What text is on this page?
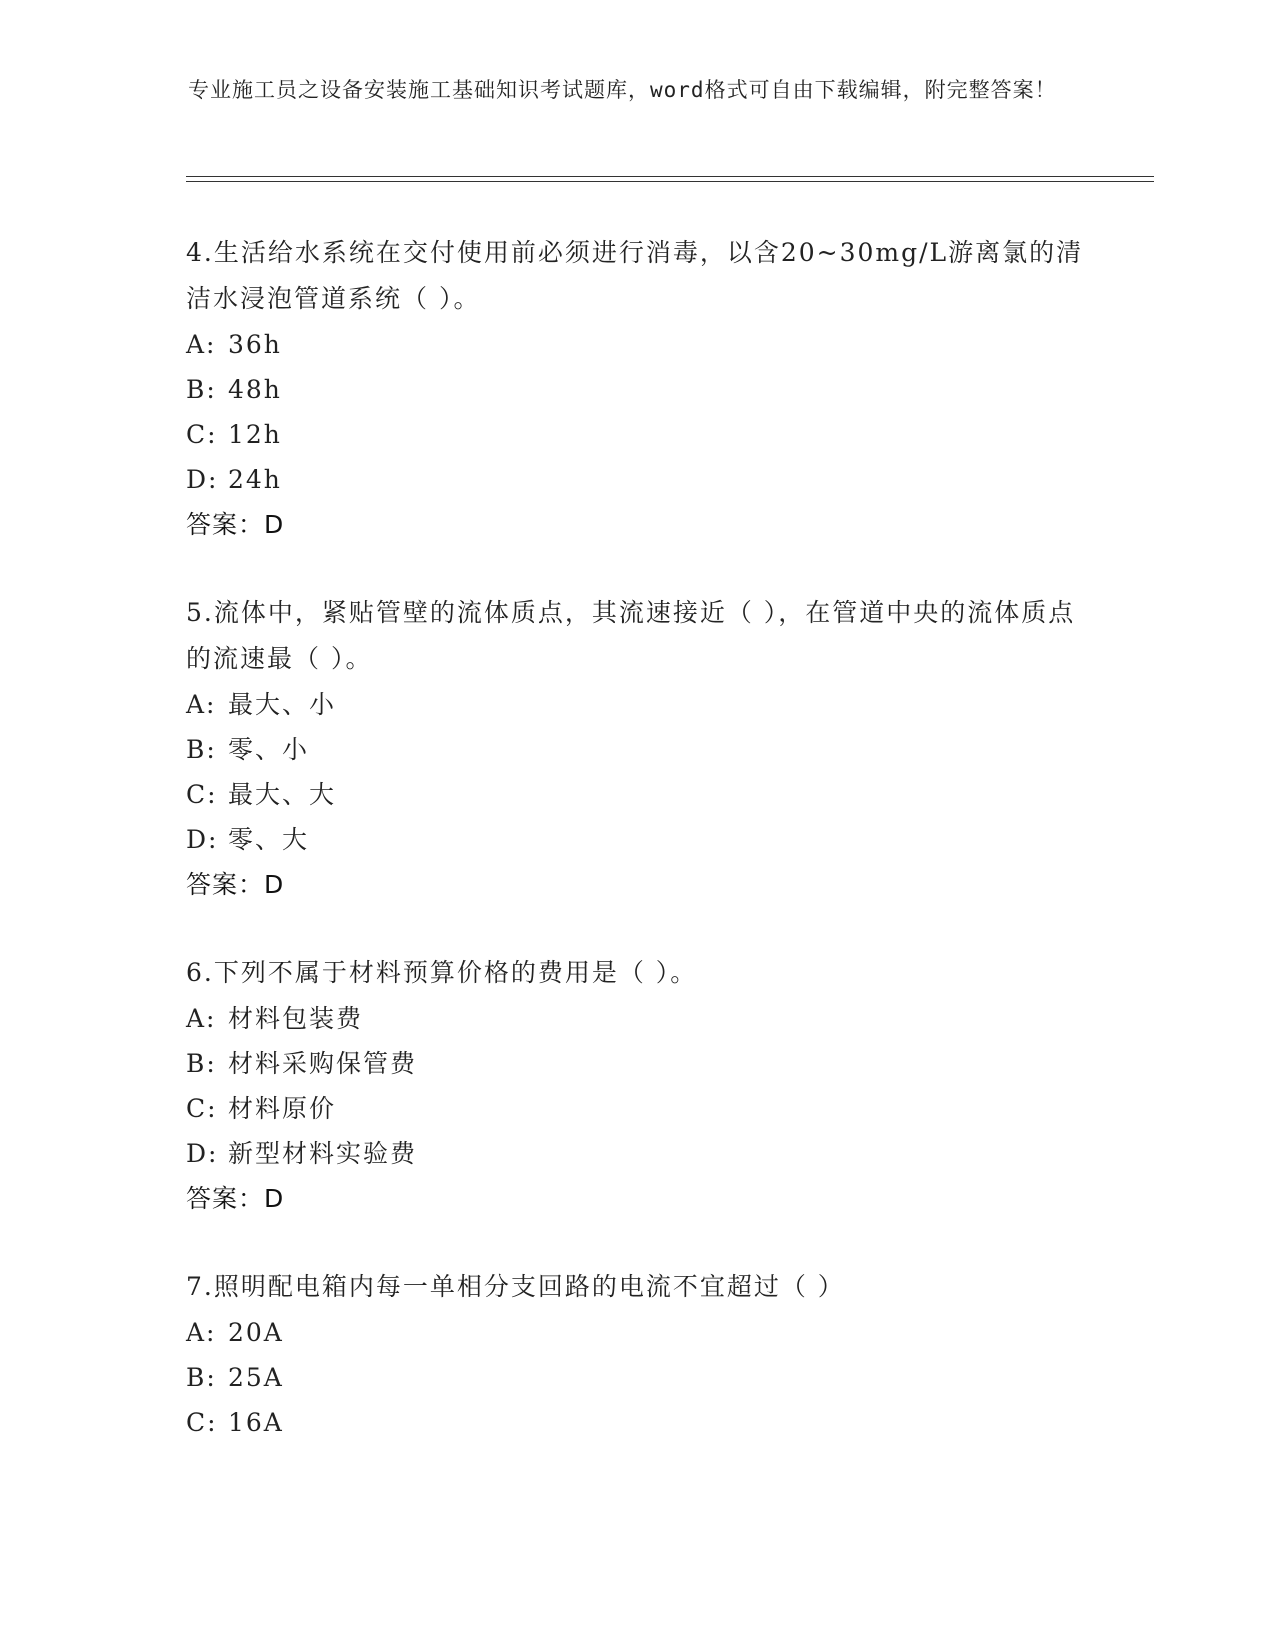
专业施工员之设备安装施工基础知识考试题库，word格式可自由下载编辑，附完整答案！
4.生活给水系统在交付使用前必须进行消毒，以含20~30mg/L游离氯的清洁水浸泡管道系统（ ）。
A: 36h
B: 48h
C: 12h
D: 24h
答案：D
5.流体中，紧贴管壁的流体质点，其流速接近（ ），在管道中央的流体质点的流速最（ ）。
A: 最大、小
B: 零、小
C: 最大、大
D: 零、大
答案：D
6.下列不属于材料预算价格的费用是（ ）。
A: 材料包装费
B: 材料采购保管费
C: 材料原价
D: 新型材料实验费
答案：D
7.照明配电箱内每一单相分支回路的电流不宜超过（ ）
A: 20A
B: 25A
C: 16A
